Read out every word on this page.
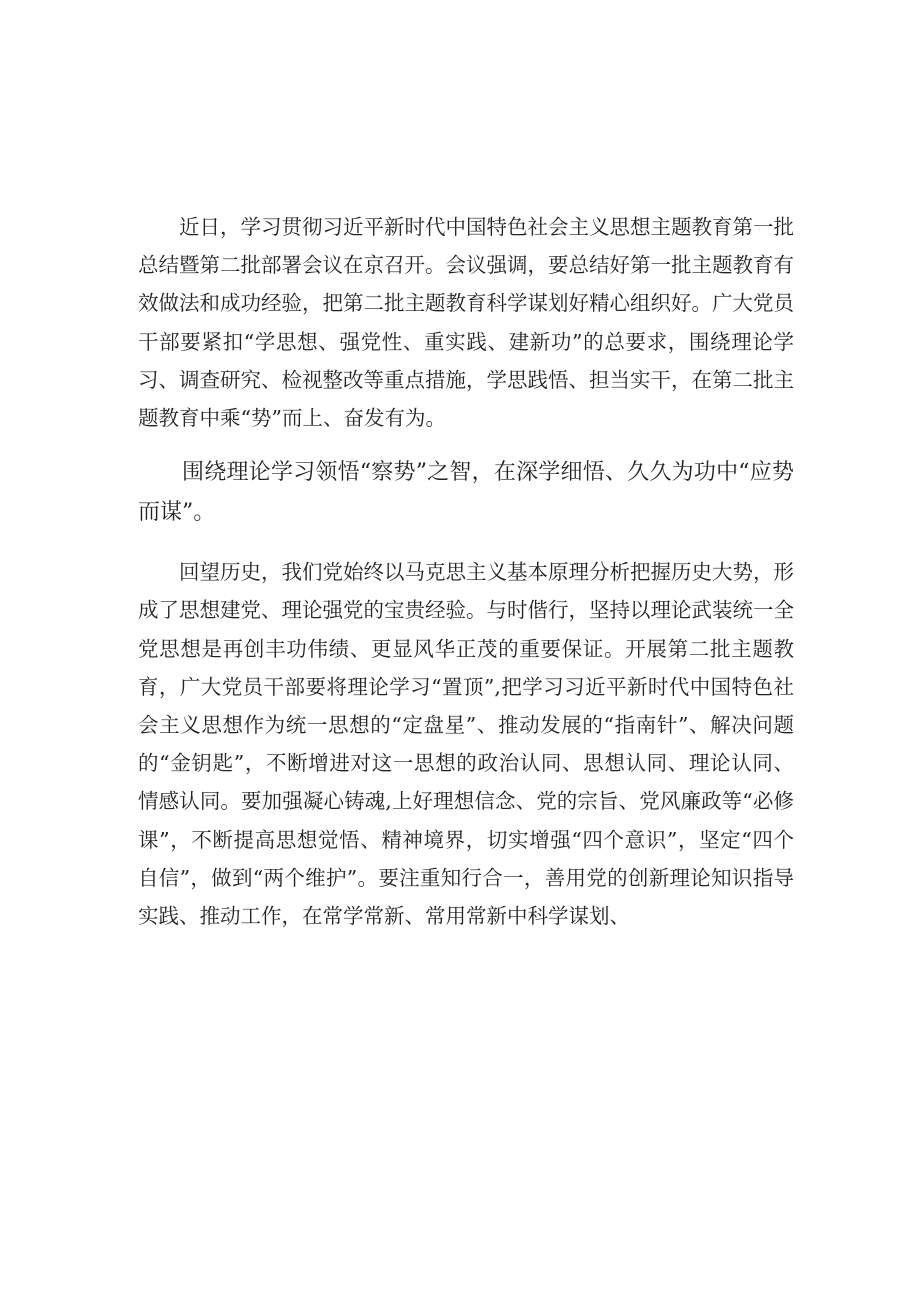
近日，学习贯彻习近平新时代中国特色社会主义思想主题教育第一批总结暨第二批部署会议在京召开。会议强调，要总结好第一批主题教育有效做法和成功经验，把第二批主题教育科学谋划好精心组织好。广大党员干部要紧扣“学思想、强党性、重实践、建新功”的总要求，围绕理论学习、调查研究、检视整改等重点措施，学思践悟、担当实干，在第二批主题教育中乘“势”而上、奋发有为。

围绕理论学习领悟“察势”之智，在深学细悟、久久为功中“应势而谋”。

回望历史，我们党始终以马克思主义基本原理分析把握历史大势，形成了思想建党、理论强党的宝贵经验。与时偕行，坚持以理论武装统一全党思想是再创丰功伟绩、更显风华正茂的重要保证。开展第二批主题教育，广大党员干部要将理论学习“置顶”,把学习习近平新时代中国特色社会主义思想作为统一思想的“定盘星”、推动发展的“指南针”、解决问题的“金钥匙”，不断增进对这一思想的政治认同、思想认同、理论认同、情感认同。要加强凝心铸魂,上好理想信念、党的宗旨、党风廉政等“必修课”，不断提高思想觉悟、精神境界，切实增强“四个意识”，坚定“四个自信”，做到“两个维护”。要注重知行合一，善用党的创新理论知识指导实践、推动工作，在常学常新、常用常新中科学谋划、
